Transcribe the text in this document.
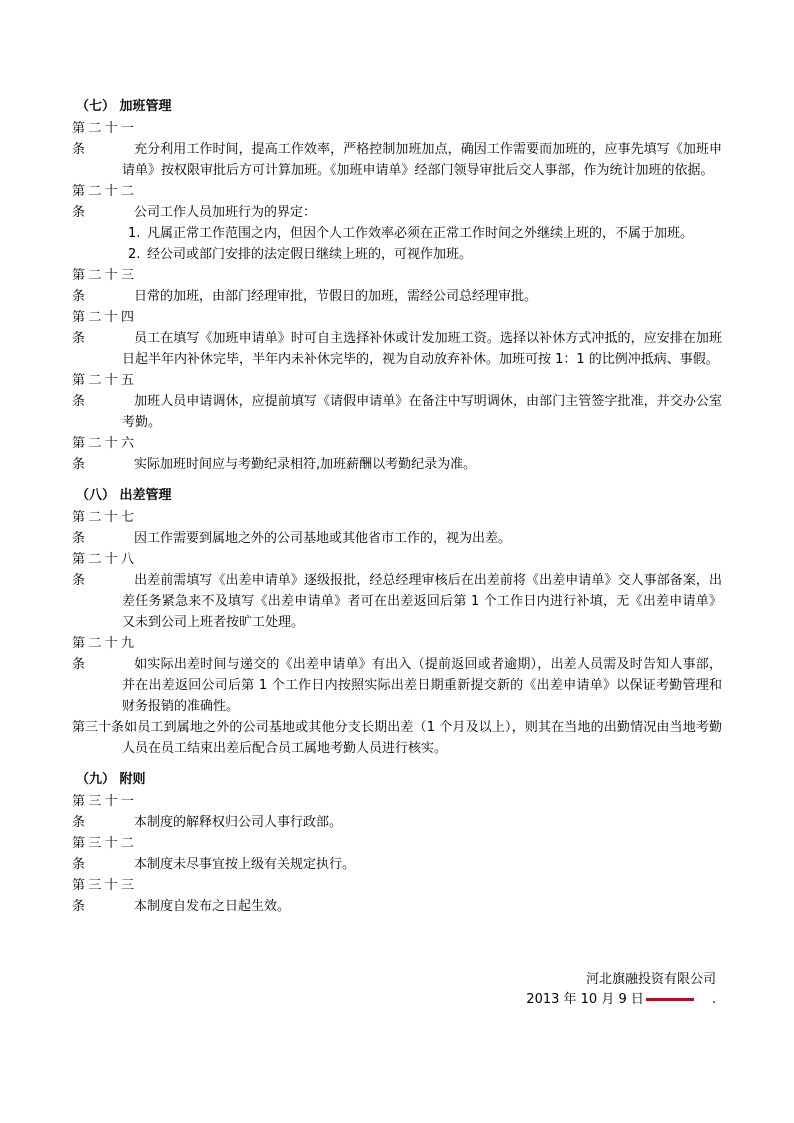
（七） 加班管理

第二十一条	充分利用工作时间，提高工作效率，严格控制加班加点，确因工作需要而加班的，应事先填写《加班申请单》按权限审批后方可计算加班。《加班申请单》经部门领导审批后交人事部，作为统计加班的依据。

第二十二条	公司工作人员加班行为的界定：

1. 凡属正常工作范围之内，但因个人工作效率必须在正常工作时间之外继续上班的，不属于加班。

2. 经公司或部门安排的法定假日继续上班的，可视作加班。

第二十三条	日常的加班，由部门经理审批，节假日的加班，需经公司总经理审批。

第二十四条	员工在填写《加班申请单》时可自主选择补休或计发加班工资。选择以补休方式冲抵的，应安排在加班日起半年内补休完毕，半年内未补休完毕的，视为自动放弃补休。加班可按 1：1 的比例冲抵病、事假。

第二十五条	加班人员申请调休，应提前填写《请假申请单》在备注中写明调休，由部门主管签字批准，并交办公室考勤。

第二十六条	实际加班时间应与考勤纪录相符,加班薪酬以考勤纪录为准。

（八） 出差管理

第二十七条	因工作需要到属地之外的公司基地或其他省市工作的，视为出差。

第二十八条	出差前需填写《出差申请单》逐级报批，经总经理审核后在出差前将《出差申请单》交人事部备案，出差任务紧急来不及填写《出差申请单》者可在出差返回后第 1 个工作日内进行补填，无《出差申请单》又未到公司上班者按旷工处理。

第二十九条	如实际出差时间与递交的《出差申请单》有出入（提前返回或者逾期），出差人员需及时告知人事部，并在出差返回公司后第 1 个工作日内按照实际出差日期重新提交新的《出差申请单》以保证考勤管理和财务报销的准确性。

第三十条如员工到属地之外的公司基地或其他分支长期出差（1 个月及以上），则其在当地的出勤情况由当地考勤人员在员工结束出差后配合员工属地考勤人员进行核实。

（九） 附则

第三十一条	本制度的解释权归公司人事行政部。

第三十二条	本制度未尽事宜按上级有关规定执行。

第三十三条	本制度自发布之日起生效。

河北旗融投资有限公司
2013 年 10 月 9 日	.
